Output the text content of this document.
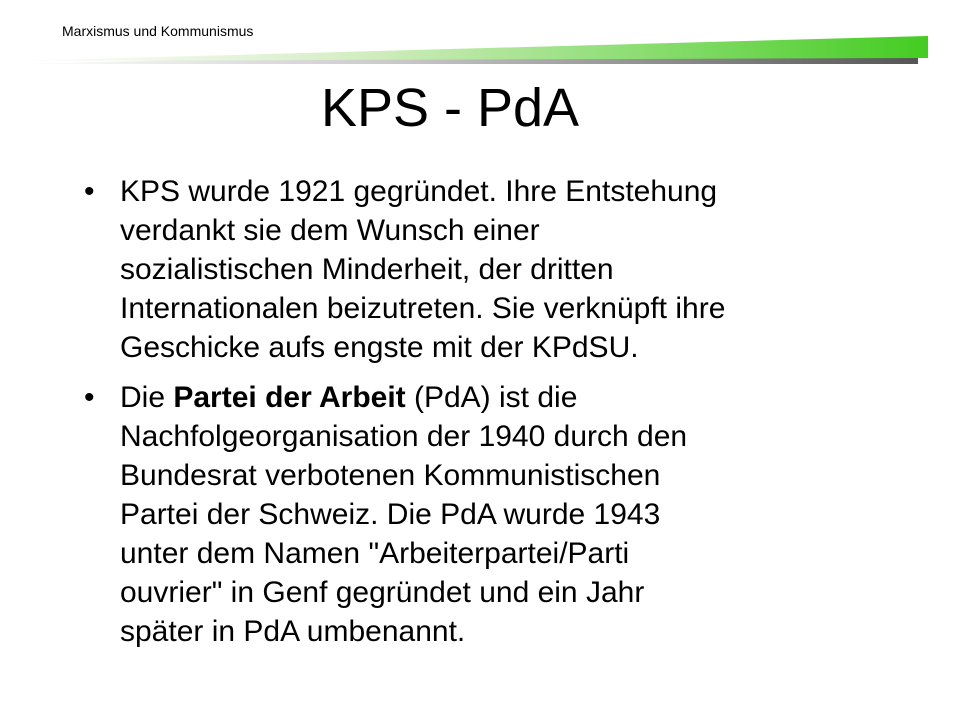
Marxismus und Kommunismus
KPS - PdA
• KPS wurde 1921 gegründet. Ihre Entstehung
verdankt sie dem Wunsch einer
sozialistischen Minderheit, der dritten
Internationalen beizutreten. Sie verknüpft ihre
Geschicke aufs engste mit der KPdSU.
• Die Partei der Arbeit (PdA) ist die
Nachfolgeorganisation der 1940 durch den
Bundesrat verbotenen Kommunistischen
Partei der Schweiz. Die PdA wurde 1943
unter dem Namen "Arbeiterpartei/Parti
ouvrier" in Genf gegründet und ein Jahr
später in PdA umbenannt.
